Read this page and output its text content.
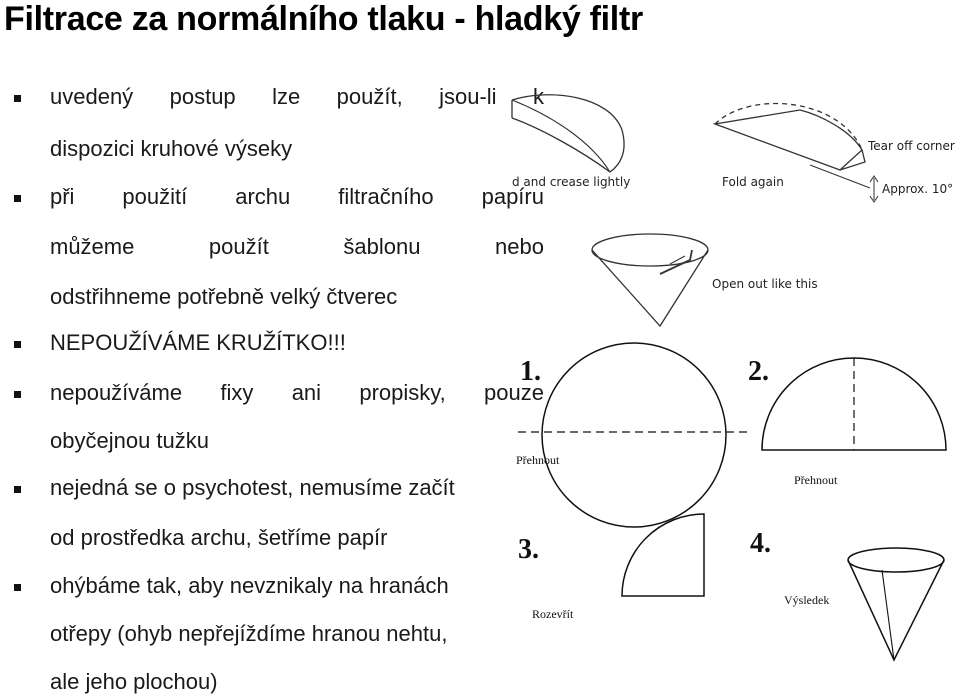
Filtrace za normálního tlaku - hladký filtr
uvedený postup lze použít, jsou-li k
dispozici kruhové výseky
při použití archu filtračního papíru
můžeme	použít	šablonu	nebo
odstřihneme potřebně velký čtverec
NEPOUŽÍVÁME KRUŽÍTKO!!!
nepoužíváme fixy ani propisky, pouze
obyčejnou tužku
nejedná se o psychotest, nemusíme začít
od prostředka archu, šetříme papír
ohýbáme tak, aby nevznikaly na hranách
otřepy (ohyb nepřejíždíme hranou nehtu,
ale jeho plochou)
d and crease lightly	Fold again
Tear off corner
Approx. 10°
Open out like this
1.
Přehnout
2.
Přehnout
3.
Rozevřít
4.
Výsledek
